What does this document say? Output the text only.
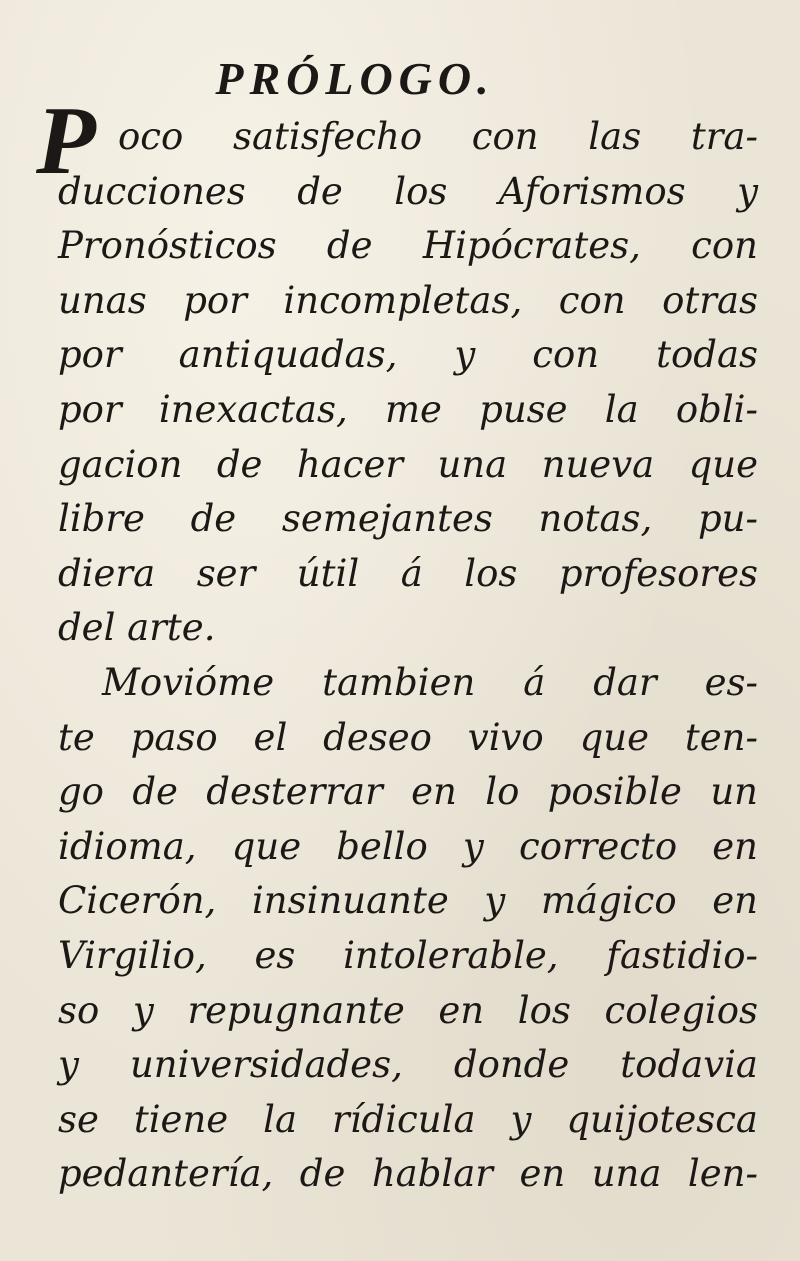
PRÓLOGO.
P oco satisfecho con las tra-
ducciones de los Aforismos y
Pronósticos de Hipócrates, con
unas por incompletas, con otras
por antiquadas, y con todas
por inexactas, me puse la obli-
gacion de hacer una nueva que
libre de semejantes notas, pu-
diera ser útil á los profesores
del arte.
Movióme tambien á dar es-
te paso el deseo vivo que ten-
go de desterrar en lo posible un
idioma, que bello y correcto en
Cicerón, insinuante y mágico en
Virgilio, es intolerable, fastidio-
so y repugnante en los colegios
y universidades, donde todavia
se tiene la rídicula y quijotesca
pedantería, de hablar en una len-
